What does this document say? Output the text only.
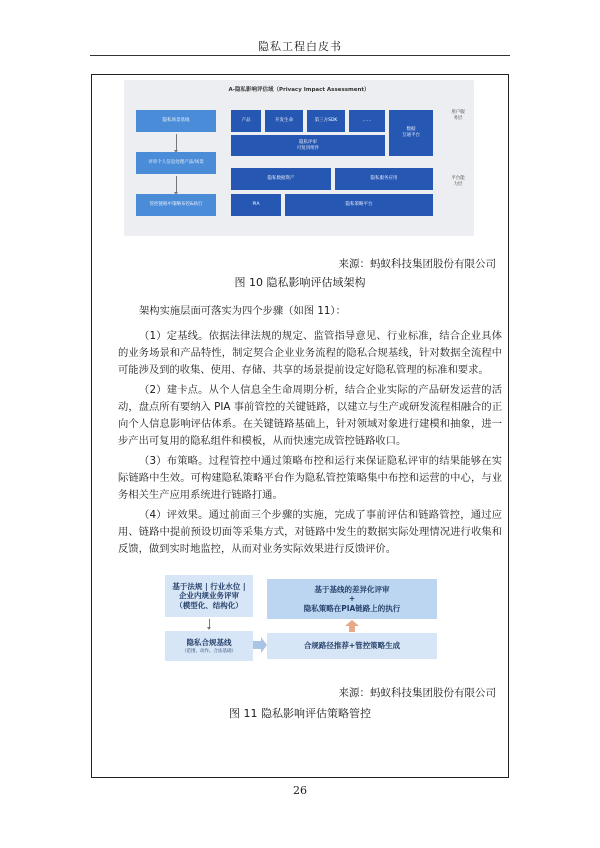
隐私工程白皮书
A-隐私影响评估域（Privacy Impact Assessment）
隐私场景基线
评审个人信息处理产品/场景
管控链路中策略布控&执行
产品	开发生命	第三方SDK	……
数据
互通平台
隐私评审
可复用组件
隐私数据资产	隐私服务应用
PIA	隐私策略平台
用户服务层
平台能力层
来源：蚂蚁科技集团股份有限公司
图 10 隐私影响评估域架构
架构实施层面可落实为四个步骤（如图 11）：
（1）定基线。依据法律法规的规定、监管指导意见、行业标准，结合企业具体的业务场景和产品特性，制定契合企业业务流程的隐私合规基线，针对数据全流程中可能涉及到的收集、使用、存储、共享的场景提前设定好隐私管理的标准和要求。
（2）建卡点。从个人信息全生命周期分析，结合企业实际的产品研发运营的活动，盘点所有要纳入 PIA 事前管控的关键链路，以建立与生产或研发流程相融合的正向个人信息影响评估体系。在关键链路基础上，针对领域对象进行建模和抽象，进一步产出可复用的隐私组件和模板，从而快速完成管控链路收口。
（3）布策略。过程管控中通过策略布控和运行来保证隐私评审的结果能够在实际链路中生效。可构建隐私策略平台作为隐私管控策略集中布控和运营的中心，与业务相关生产应用系统进行链路打通。
（4）评效果。通过前面三个步骤的实施，完成了事前评估和链路管控，通过应用、链路中提前预设切面等采集方式，对链路中发生的数据实际处理情况进行收集和反馈，做到实时地监控，从而对业务实际效果进行反馈评价。
基于法规 | 行业水位 |
企业内规业务评审
（模型化、结构化）
隐私合规基线
（范围、动作、合法基础）
基于基线的差异化评审
+
隐私策略在PIA链路上的执行
合规路径推荐+管控策略生成
来源：蚂蚁科技集团股份有限公司
图 11 隐私影响评估策略管控
26
